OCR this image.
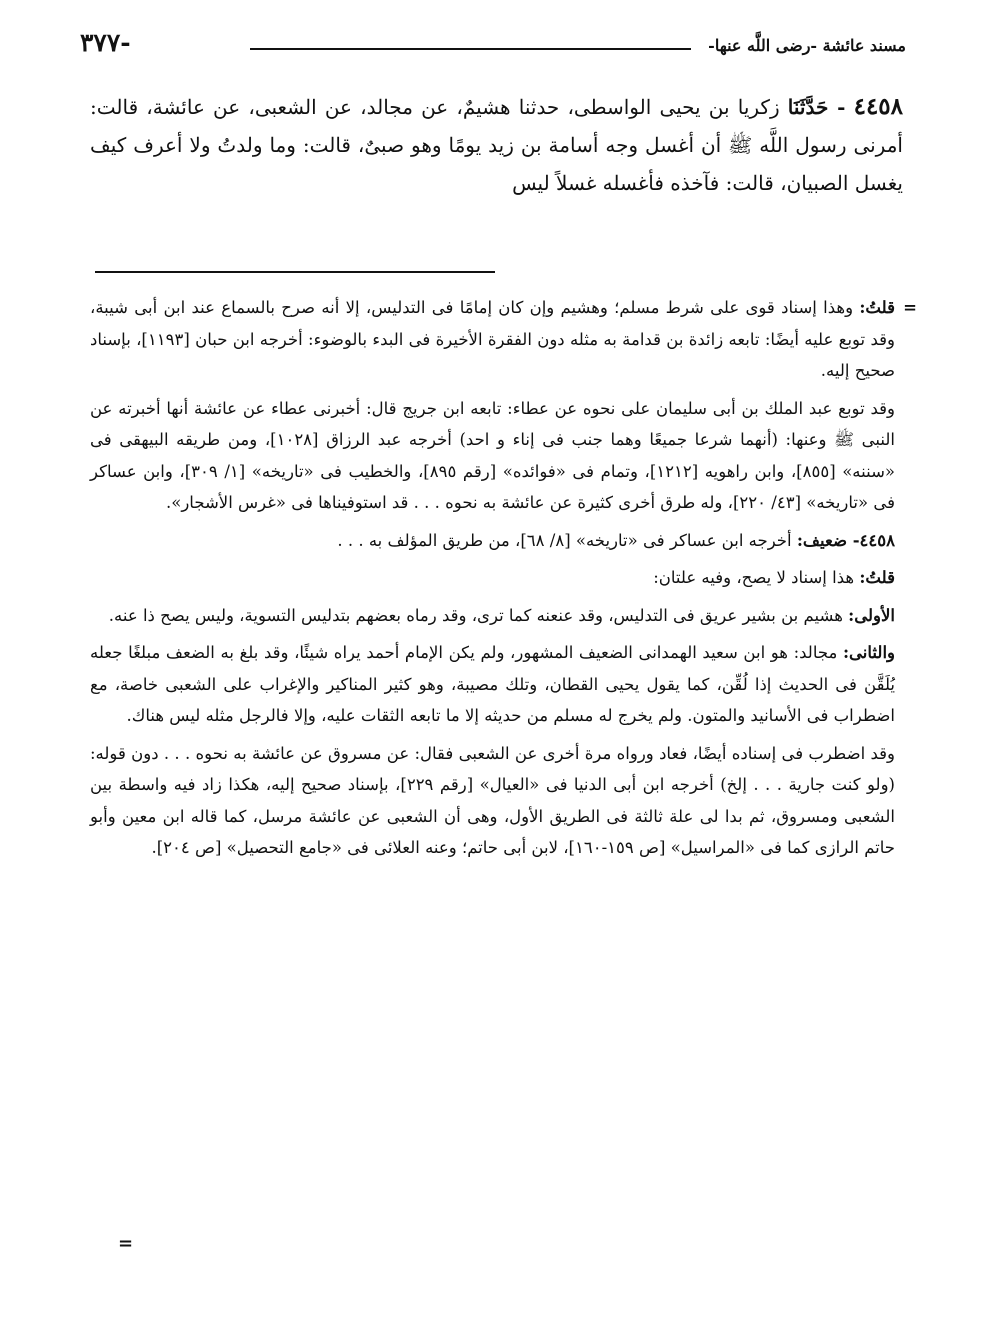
مسند عائشة -رضى اللَّه عنها-
-٣٧٧
٤٤٥٨ - حَدَّثَنَا زكريا بن يحيى الواسطى، حدثنا هشيمٌ، عن مجالد، عن الشعبى، عن عائشة، قالت: أمرنى رسول اللَّه ﷺ أن أغسل وجه أسامة بن زيد يومًا وهو صبىٌ، قالت: وما ولدتُ ولا أعرف كيف يغسل الصبيان، قالت: فآخذه فأغسله غسلاً ليس
=

قلتُ: وهذا إسناد قوى على شرط مسلم؛ وهشيم وإن كان إمامًا فى التدليس، إلا أنه صرح بالسماع عند ابن أبى شيبة، وقد توبع عليه أيضًا: تابعه زائدة بن قدامة به مثله دون الفقرة الأخيرة فى البدء بالوضوء: أخرجه ابن حبان [١١٩٣]، بإسناد صحيح إليه.

وقد توبع عبد الملك بن أبى سليمان على نحوه عن عطاء: تابعه ابن جريج قال: أخبرنى عطاء عن عائشة أنها أخبرته عن النبى ﷺ وعنها: (أنهما شرعا جميعًا وهما جنب فى إناء و احد) أخرجه عبد الرزاق [١٠٢٨]، ومن طريقه البيهقى فى «سننه» [٨٥٥]، وابن راهويه [١٢١٢]، وتمام فى «فوائده» [رقم ٨٩٥]، والخطيب فى «تاريخه» [١/ ٣٠٩]، وابن عساكر فى «تاريخه» [٤٣/ ٢٢٠]، وله طرق أخرى كثيرة عن عائشة به نحوه . . . قد استوفيناها فى «غرس الأشجار».

٤٤٥٨- ضعيف: أخرجه ابن عساكر فى «تاريخه» [٨/ ٦٨]، من طريق المؤلف به . . .

قلتُ: هذا إسناد لا يصح، وفيه علتان:

الأولى: هشيم بن بشير عريق فى التدليس، وقد عنعنه كما ترى، وقد رماه بعضهم بتدليس التسوية، وليس يصح ذا عنه.

والثانى: مجالد: هو ابن سعيد الهمدانى الضعيف المشهور، ولم يكن الإمام أحمد يراه شيئًا، وقد بلغ به الضعف مبلغًا جعله يُلَقَّن فى الحديث إذا لُقِّن، كما يقول يحيى القطان، وتلك مصيبة، وهو كثير المناكير والإغراب على الشعبى خاصة، مع اضطراب فى الأسانيد والمتون. ولم يخرج له مسلم من حديثه إلا ما تابعه الثقات عليه، وإلا فالرجل مثله ليس هناك.

وقد اضطرب فى إسناده أيضًا، فعاد ورواه مرة أخرى عن الشعبى فقال: عن مسروق عن عائشة به نحوه . . . دون قوله: (ولو كنت جارية . . . إلخ) أخرجه ابن أبى الدنيا فى «العيال» [رقم ٢٢٩]، بإسناد صحيح إليه، هكذا زاد فيه واسطة بين الشعبى ومسروق، ثم بدا لى علة ثالثة فى الطريق الأول، وهى أن الشعبى عن عائشة مرسل، كما قاله ابن معين وأبو حاتم الرازى كما فى «المراسيل» [ص ١٥٩-١٦٠]، لابن أبى حاتم؛ وعنه العلائى فى «جامع التحصيل» [ص ٢٠٤].

=
